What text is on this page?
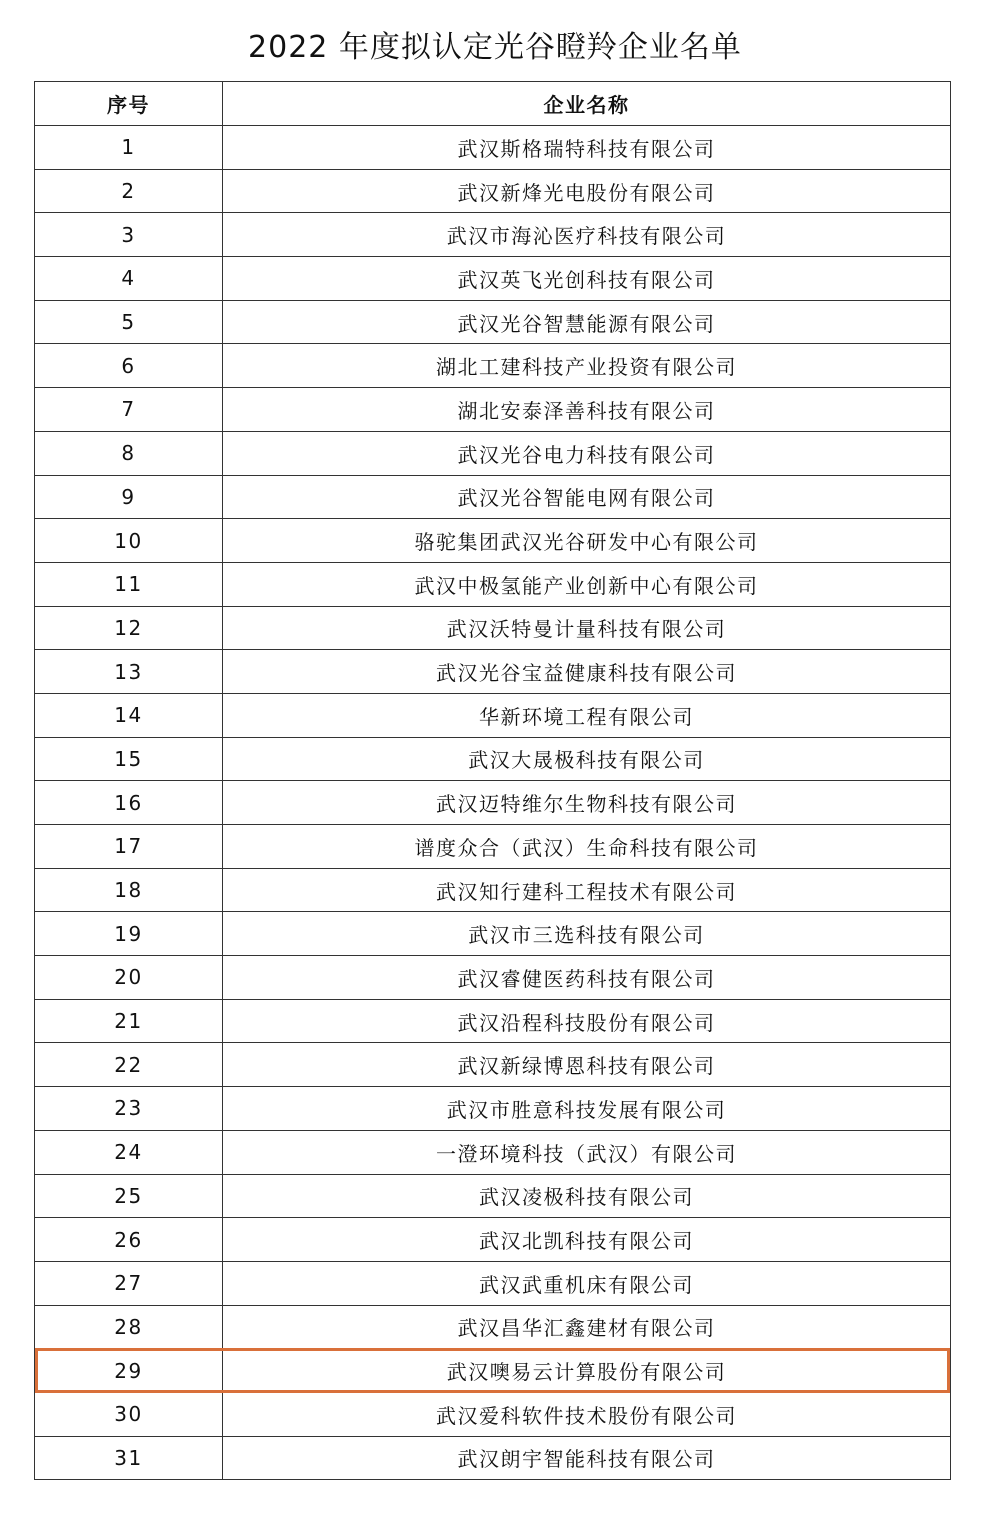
2022 年度拟认定光谷瞪羚企业名单
序号	企业名称
1	武汉斯格瑞特科技有限公司
2	武汉新烽光电股份有限公司
3	武汉市海沁医疗科技有限公司
4	武汉英飞光创科技有限公司
5	武汉光谷智慧能源有限公司
6	湖北工建科技产业投资有限公司
7	湖北安泰泽善科技有限公司
8	武汉光谷电力科技有限公司
9	武汉光谷智能电网有限公司
10	骆驼集团武汉光谷研发中心有限公司
11	武汉中极氢能产业创新中心有限公司
12	武汉沃特曼计量科技有限公司
13	武汉光谷宝益健康科技有限公司
14	华新环境工程有限公司
15	武汉大晟极科技有限公司
16	武汉迈特维尔生物科技有限公司
17	谱度众合（武汉）生命科技有限公司
18	武汉知行建科工程技术有限公司
19	武汉市三选科技有限公司
20	武汉睿健医药科技有限公司
21	武汉沿程科技股份有限公司
22	武汉新绿博恩科技有限公司
23	武汉市胜意科技发展有限公司
24	一澄环境科技（武汉）有限公司
25	武汉凌极科技有限公司
26	武汉北凯科技有限公司
27	武汉武重机床有限公司
28	武汉昌华汇鑫建材有限公司
29	武汉噢易云计算股份有限公司
30	武汉爱科软件技术股份有限公司
31	武汉朗宇智能科技有限公司
